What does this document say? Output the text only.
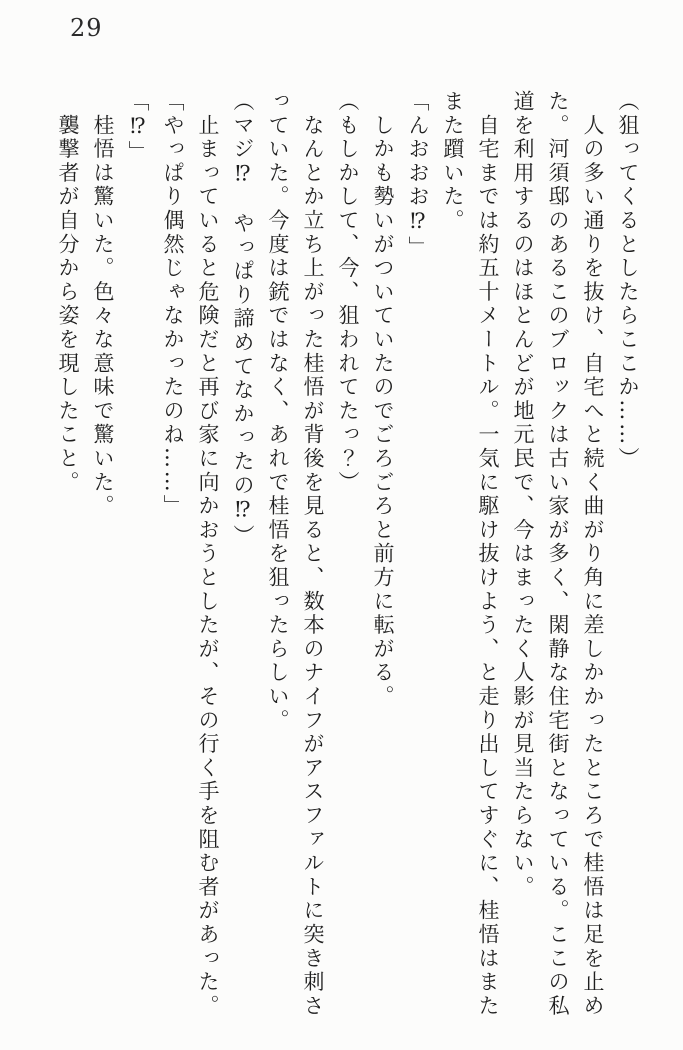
29

（狙ってくるとしたらここか……）

　人の多い通りを抜け、自宅へと続く曲がり角に差しかかったところで桂悟は足を止めた。河須邸のあるこのブロックは古い家が多く、閑静な住宅街となっている。ここの私道を利用するのはほとんどが地元民で、今はまったく人影が見当たらない。

　自宅までは約五十メートル。一気に駆け抜けよう、と走り出してすぐに、桂悟はまたまた躓いた。

「んおおお⁉」

　しかも勢いがついていたのでごろごろと前方に転がる。

（もしかして、今、狙われてたっ？）

　なんとか立ち上がった桂悟が背後を見ると、数本のナイフがアスファルトに突き刺さっていた。今度は銃ではなく、あれで桂悟を狙ったらしい。

（マジ⁉　やっぱり諦めてなかったの⁉）

　止まっていると危険だと再び家に向かおうとしたが、その行く手を阻む者があった。

「やっぱり偶然じゃなかったのね……」

「⁉」

　桂悟は驚いた。色々な意味で驚いた。

　襲撃者が自分から姿を現したこと。
